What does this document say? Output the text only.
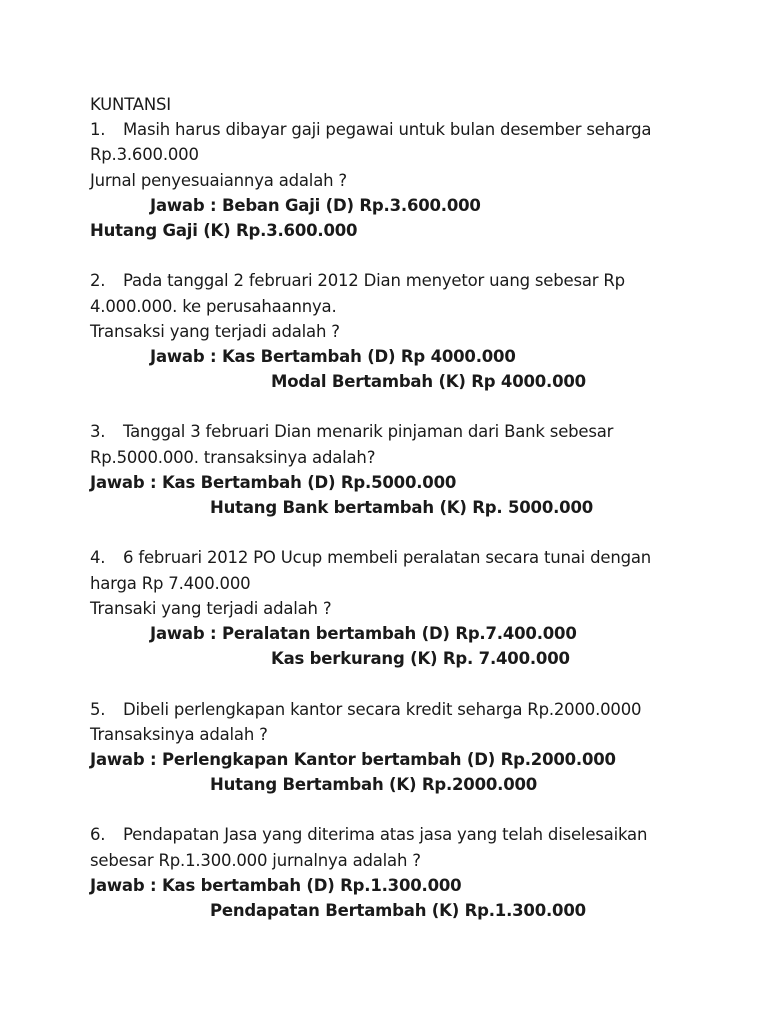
KUNTANSI
1. Masih harus dibayar gaji pegawai untuk bulan desember seharga
Rp.3.600.000
Jurnal penyesuaiannya adalah ?
Jawab : Beban Gaji (D) Rp.3.600.000
Hutang Gaji (K) Rp.3.600.000
2. Pada tanggal 2 februari 2012 Dian menyetor uang sebesar Rp
4.000.000. ke perusahaannya.
Transaksi yang terjadi adalah ?
Jawab : Kas Bertambah (D) Rp 4000.000
Modal Bertambah (K) Rp 4000.000
3. Tanggal 3 februari Dian menarik pinjaman dari Bank sebesar
Rp.5000.000. transaksinya adalah?
Jawab : Kas Bertambah (D) Rp.5000.000
Hutang Bank bertambah (K) Rp. 5000.000
4. 6 februari 2012 PO Ucup membeli peralatan secara tunai dengan
harga Rp 7.400.000
Transaki yang terjadi adalah ?
Jawab : Peralatan bertambah (D) Rp.7.400.000
Kas berkurang (K) Rp. 7.400.000
5. Dibeli perlengkapan kantor secara kredit seharga Rp.2000.0000
Transaksinya adalah ?
Jawab : Perlengkapan Kantor bertambah (D) Rp.2000.000
Hutang Bertambah (K) Rp.2000.000
6. Pendapatan Jasa yang diterima atas jasa yang telah diselesaikan
sebesar Rp.1.300.000 jurnalnya adalah ?
Jawab : Kas bertambah (D) Rp.1.300.000
Pendapatan Bertambah (K) Rp.1.300.000
